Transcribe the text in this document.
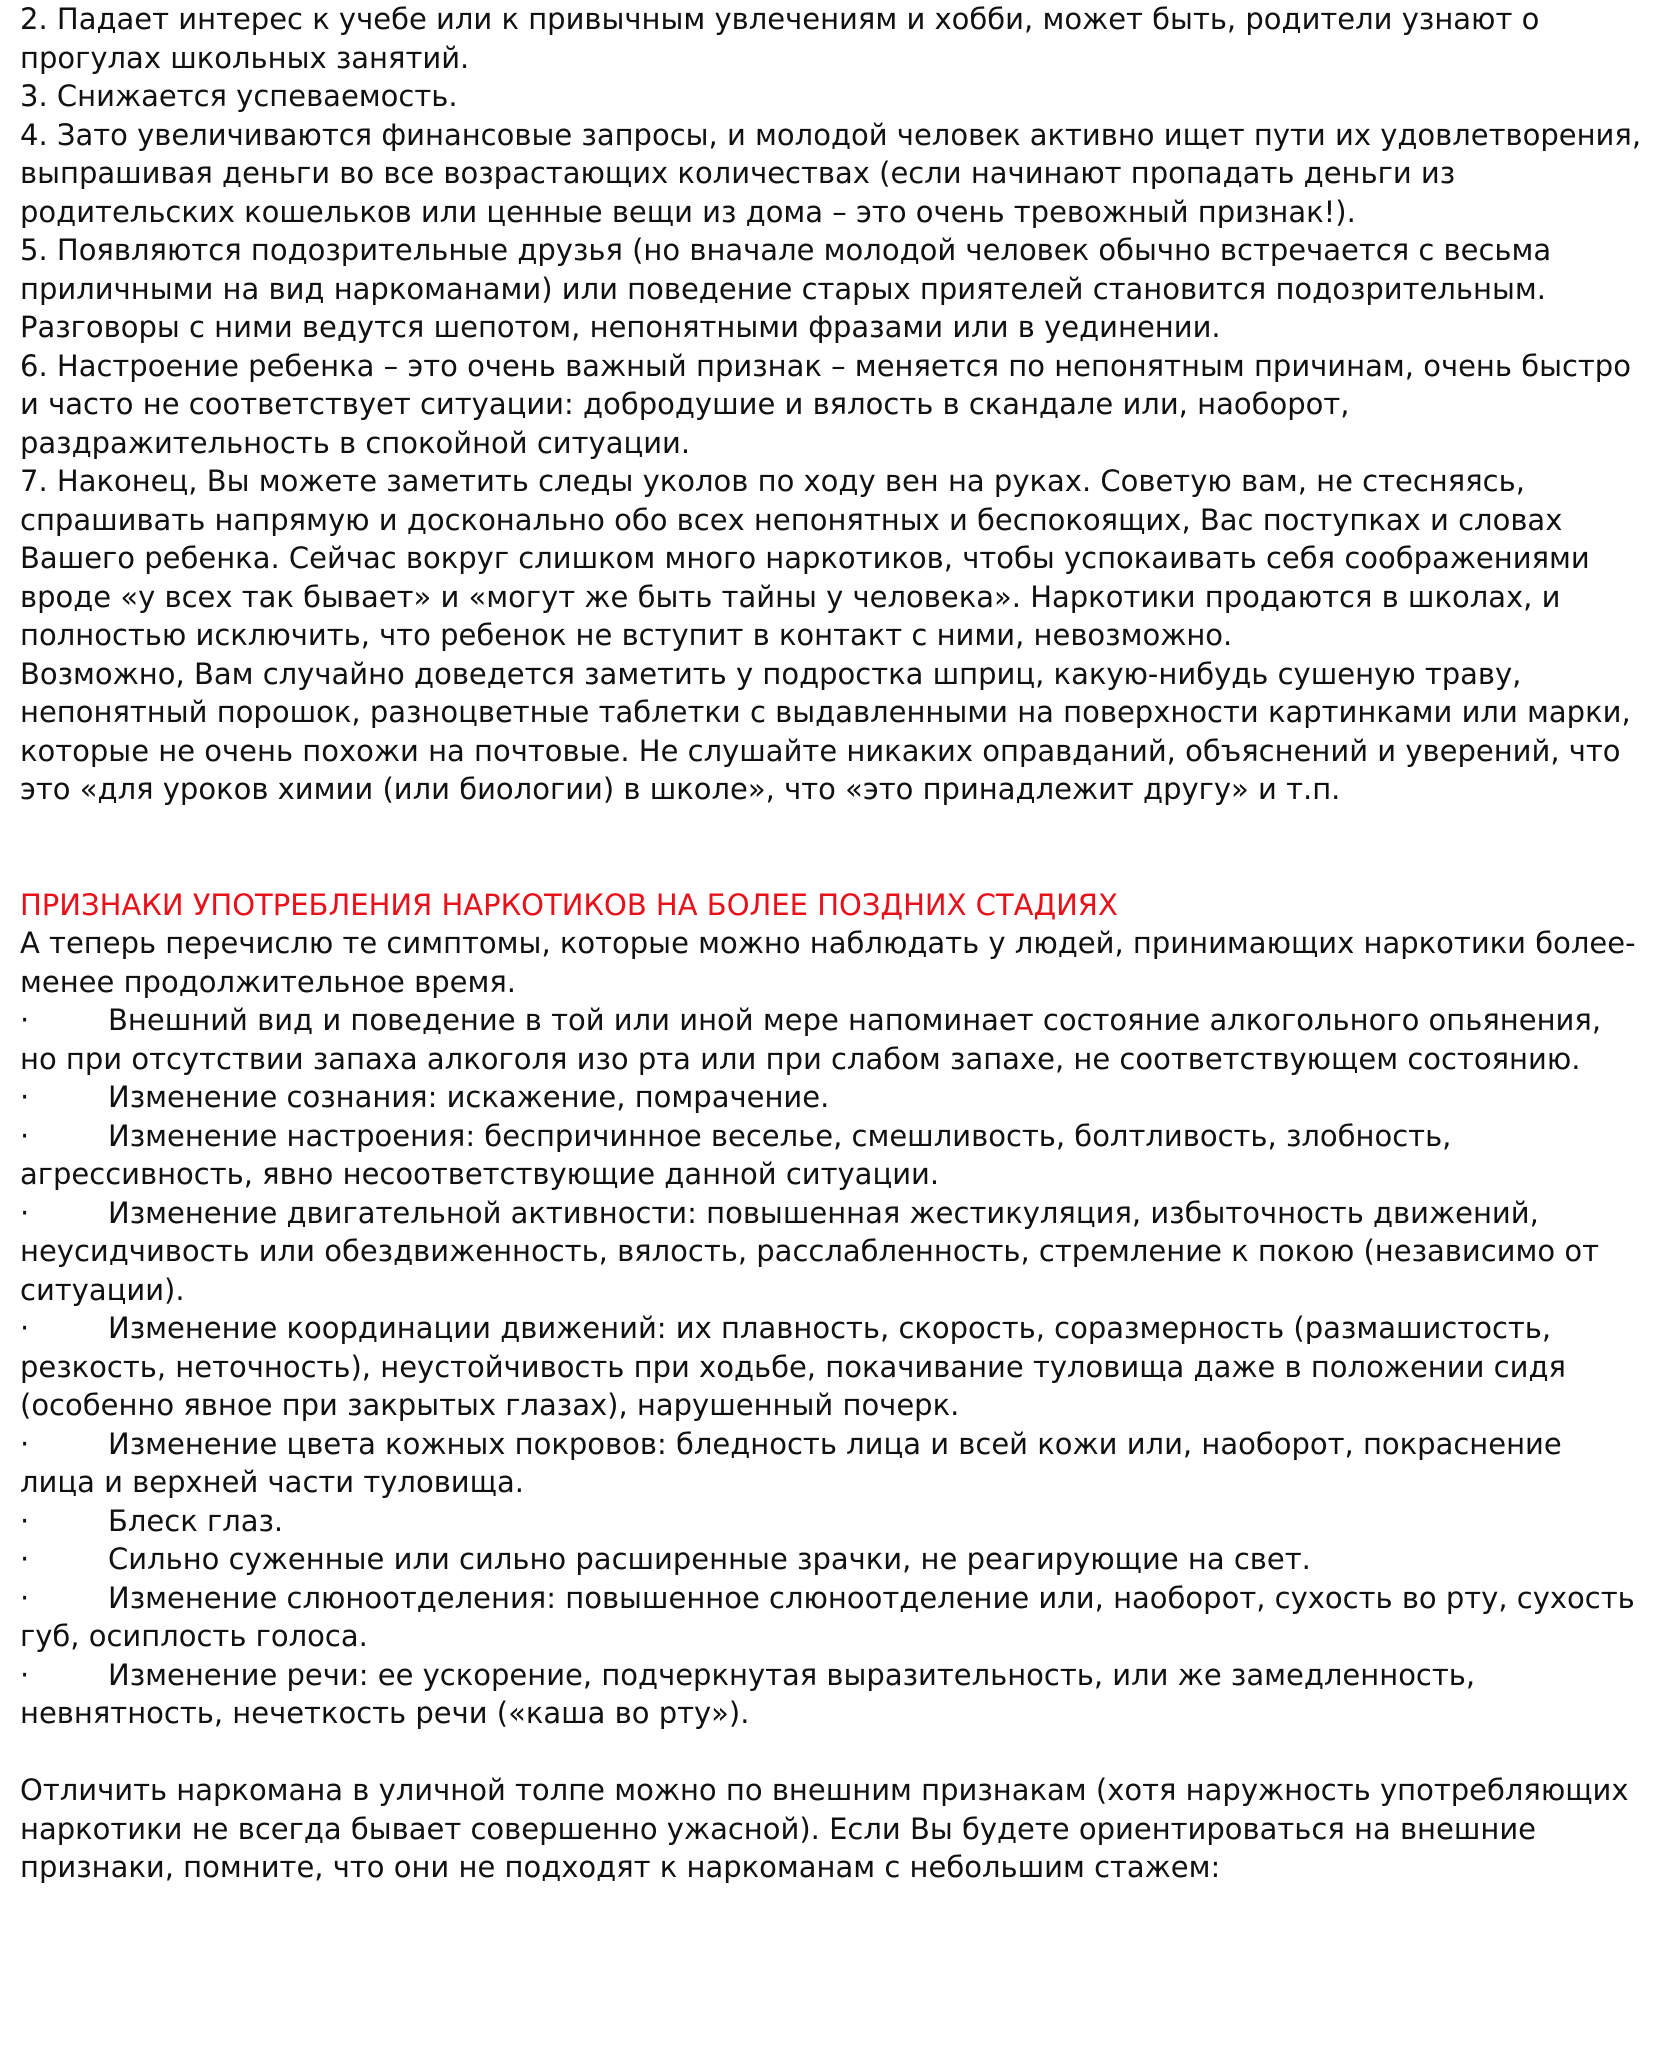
2. Падает интерес к учебе или к привычным увлечениям и хобби, может быть, родители узнают о прогулах школьных занятий.

3. Снижается успеваемость.

4. Зато увеличиваются финансовые запросы, и молодой человек активно ищет пути их удовлетворения, выпрашивая деньги во все возрастающих количествах (если начинают пропадать деньги из родительских кошельков или ценные вещи из дома – это очень тревожный признак!).

5. Появляются подозрительные друзья (но вначале молодой человек обычно встречается с весьма приличными на вид наркоманами) или поведение старых приятелей становится подозрительным. Разговоры с ними ведутся шепотом, непонятными фразами или в уединении.

6. Настроение ребенка – это очень важный признак – меняется по непонятным причинам, очень быстро и часто не соответствует ситуации: добродушие и вялость в скандале или, наоборот, раздражительность в спокойной ситуации.

7. Наконец, Вы можете заметить следы уколов по ходу вен на руках. Советую вам, не стесняясь, спрашивать напрямую и досконально обо всех непонятных и беспокоящих, Вас поступках и словах Вашего ребенка. Сейчас вокруг слишком много наркотиков, чтобы успокаивать себя соображениями вроде «у всех так бывает» и «могут же быть тайны у человека». Наркотики продаются в школах, и полностью исключить, что ребенок не вступит в контакт с ними, невозможно.

Возможно, Вам случайно доведется заметить у подростка шприц, какую-нибудь сушеную траву, непонятный порошок, разноцветные таблетки с выдавленными на поверхности картинками или марки, которые не очень похожи на почтовые. Не слушайте никаких оправданий, объяснений и уверений, что это «для уроков химии (или биологии) в школе», что «это принадлежит другу» и т.п.

ПРИЗНАКИ УПОТРЕБЛЕНИЯ НАРКОТИКОВ НА БОЛЕЕ ПОЗДНИХ СТАДИЯХ

А теперь перечислю те симптомы, которые можно наблюдать у людей, принимающих наркотики более-менее продолжительное время.

·	Внешний вид и поведение в той или иной мере напоминает состояние алкогольного опьянения, но при отсутствии запаха алкоголя изо рта или при слабом запахе, не соответствующем состоянию.

·	Изменение сознания: искажение, помрачение.

·	Изменение настроения: беспричинное веселье, смешливость, болтливость, злобность, агрессивность, явно несоответствующие данной ситуации.

·	Изменение двигательной активности: повышенная жестикуляция, избыточность движений, неусидчивость или обездвиженность, вялость, расслабленность, стремление к покою (независимо от ситуации).

·	Изменение координации движений: их плавность, скорость, соразмерность (размашистость, резкость, неточность), неустойчивость при ходьбе, покачивание туловища даже в положении сидя (особенно явное при закрытых глазах), нарушенный почерк.

·	Изменение цвета кожных покровов: бледность лица и всей кожи или, наоборот, покраснение лица и верхней части туловища.

·	Блеск глаз.

·	Сильно суженные или сильно расширенные зрачки, не реагирующие на свет.

·	Изменение слюноотделения: повышенное слюноотделение или, наоборот, сухость во рту, сухость губ, осиплость голоса.

·	Изменение речи: ее ускорение, подчеркнутая выразительность, или же замедленность, невнятность, нечеткость речи («каша во рту»).

Отличить наркомана в уличной толпе можно по внешним признакам (хотя наружность употребляющих наркотики не всегда бывает совершенно ужасной). Если Вы будете ориентироваться на внешние признаки, помните, что они не подходят к наркоманам с небольшим стажем:
